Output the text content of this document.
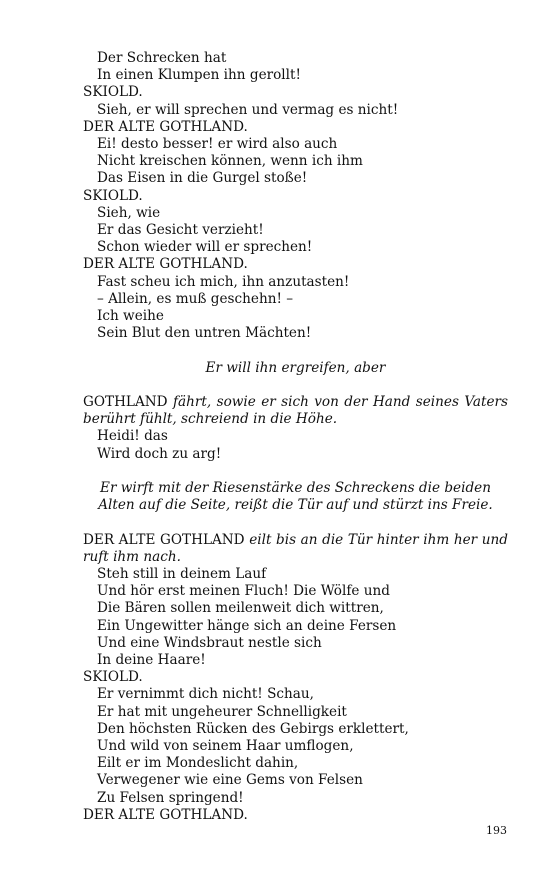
Der Schrecken hat
In einen Klumpen ihn gerollt!
SKIOLD.
Sieh, er will sprechen und vermag es nicht!
DER ALTE GOTHLAND.
Ei! desto besser! er wird also auch
Nicht kreischen können, wenn ich ihm
Das Eisen in die Gurgel stoße!
SKIOLD.
Sieh, wie
Er das Gesicht verzieht!
Schon wieder will er sprechen!
DER ALTE GOTHLAND.
Fast scheu ich mich, ihn anzutasten!
– Allein, es muß geschehn! –
Ich weihe
Sein Blut den untren Mächten!
Er will ihn ergreifen, aber
GOTHLAND fährt, sowie er sich von der Hand seines Vaters berührt fühlt, schreiend in die Höhe.
Heidi! das
Wird doch zu arg!
Er wirft mit der Riesenstärke des Schreckens die beiden Alten auf die Seite, reißt die Tür auf und stürzt ins Freie.
DER ALTE GOTHLAND eilt bis an die Tür hinter ihm her und ruft ihm nach.
Steh still in deinem Lauf
Und hör erst meinen Fluch! Die Wölfe und
Die Bären sollen meilenweit dich wittren,
Ein Ungewitter hänge sich an deine Fersen
Und eine Windsbraut nestle sich
In deine Haare!
SKIOLD.
Er vernimmt dich nicht! Schau,
Er hat mit ungeheurer Schnelligkeit
Den höchsten Rücken des Gebirgs erklettert,
Und wild von seinem Haar umflogen,
Eilt er im Mondeslicht dahin,
Verwegener wie eine Gems von Felsen
Zu Felsen springend!
DER ALTE GOTHLAND.
193
